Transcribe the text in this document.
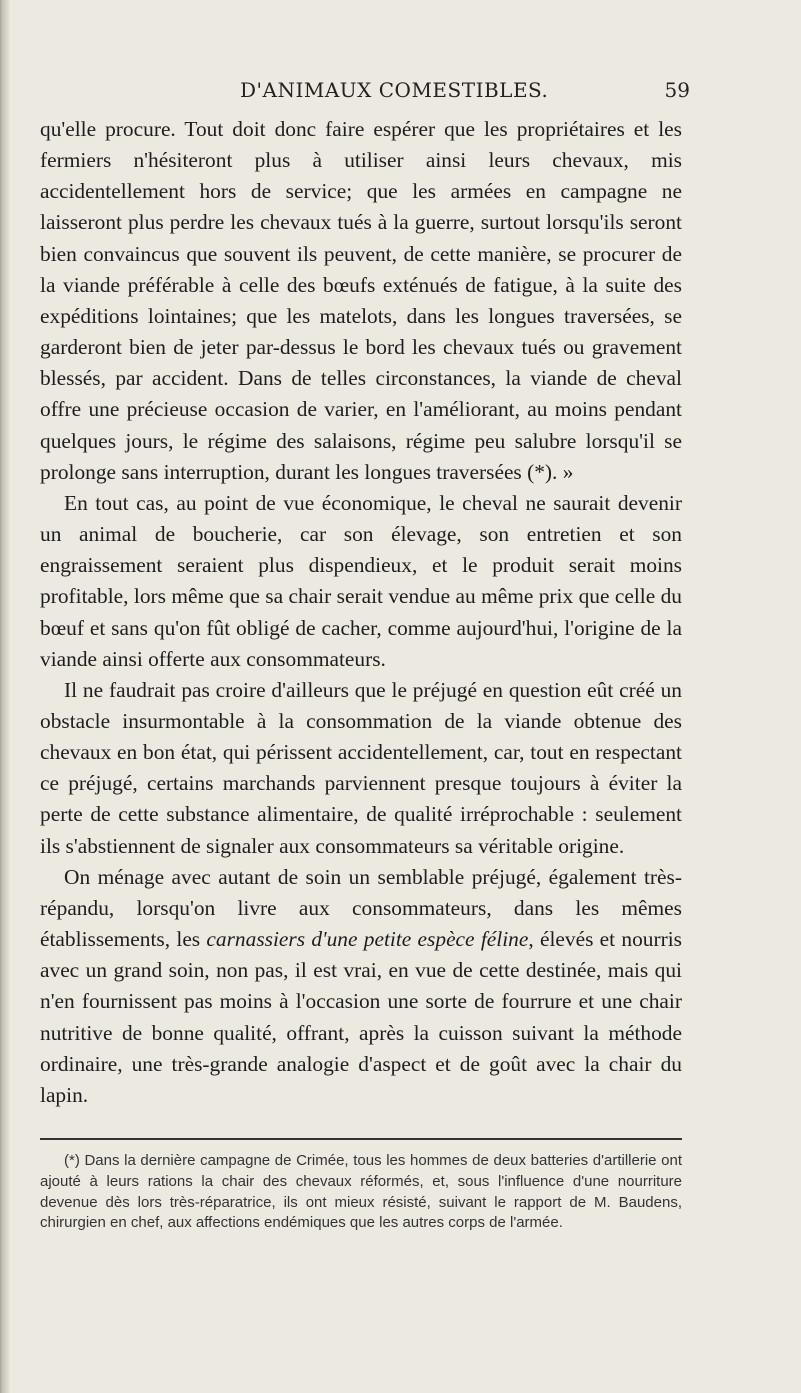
D'ANIMAUX COMESTIBLES.	59

qu'elle procure. Tout doit donc faire espérer que les propriétaires et les fermiers n'hésiteront plus à utiliser ainsi leurs chevaux, mis accidentellement hors de service; que les armées en campagne ne laisseront plus perdre les chevaux tués à la guerre, surtout lorsqu'ils seront bien convaincus que souvent ils peuvent, de cette manière, se procurer de la viande préférable à celle des bœufs exténués de fatigue, à la suite des expéditions lointaines; que les matelots, dans les longues traversées, se garderont bien de jeter par-dessus le bord les chevaux tués ou gravement blessés, par accident. Dans de telles circonstances, la viande de cheval offre une précieuse occasion de varier, en l'améliorant, au moins pendant quelques jours, le régime des salaisons, régime peu salubre lorsqu'il se prolonge sans interruption, durant les longues traversées (*). »

En tout cas, au point de vue économique, le cheval ne saurait devenir un animal de boucherie, car son élevage, son entretien et son engraissement seraient plus dispendieux, et le produit serait moins profitable, lors même que sa chair serait vendue au même prix que celle du bœuf et sans qu'on fût obligé de cacher, comme aujourd'hui, l'origine de la viande ainsi offerte aux consommateurs.

Il ne faudrait pas croire d'ailleurs que le préjugé en question eût créé un obstacle insurmontable à la consommation de la viande obtenue des chevaux en bon état, qui périssent accidentellement, car, tout en respectant ce préjugé, certains marchands parviennent presque toujours à éviter la perte de cette substance alimentaire, de qualité irréprochable : seulement ils s'abstiennent de signaler aux consommateurs sa véritable origine.

On ménage avec autant de soin un semblable préjugé, également très-répandu, lorsqu'on livre aux consommateurs, dans les mêmes établissements, les carnassiers d'une petite espèce féline, élevés et nourris avec un grand soin, non pas, il est vrai, en vue de cette destinée, mais qui n'en fournissent pas moins à l'occasion une sorte de fourrure et une chair nutritive de bonne qualité, offrant, après la cuisson suivant la méthode ordinaire, une très-grande analogie d'aspect et de goût avec la chair du lapin.

(*) Dans la dernière campagne de Crimée, tous les hommes de deux batteries d'artillerie ont ajouté à leurs rations la chair des chevaux réformés, et, sous l'influence d'une nourriture devenue dès lors très-réparatrice, ils ont mieux résisté, suivant le rapport de M. Baudens, chirurgien en chef, aux affections endémiques que les autres corps de l'armée.
